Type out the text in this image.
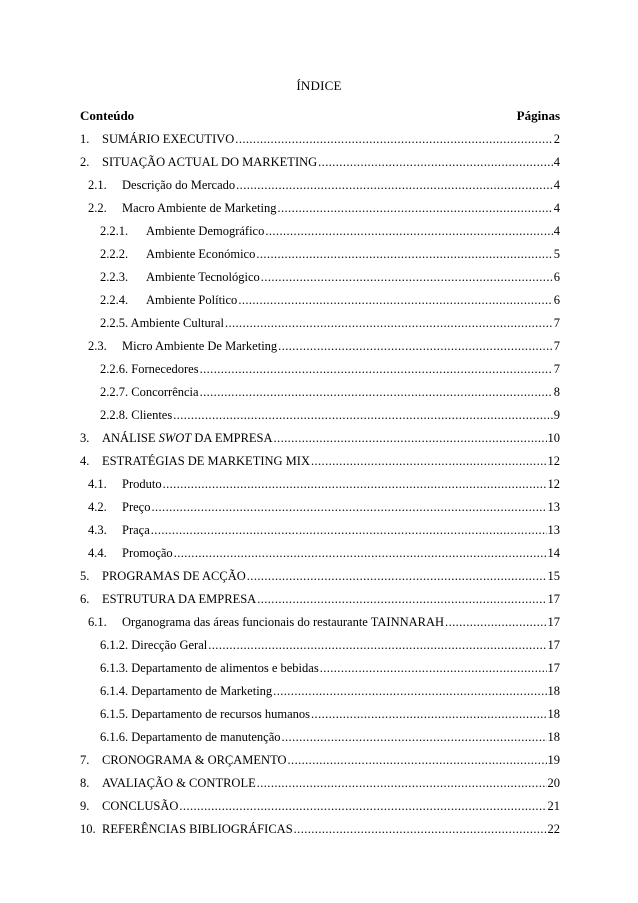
ÍNDICE
Conteúdo	Páginas
1.	SUMÁRIO EXECUTIVO .....	2
2.	SITUAÇÃO ACTUAL DO MARKETING .....	4
2.1.	Descrição do Mercado .....	4
2.2.	Macro Ambiente de Marketing .....	4
2.2.1.	Ambiente Demográfico .....	4
2.2.2.	Ambiente Económico .....	5
2.2.3.	Ambiente Tecnológico .....	6
2.2.4.	Ambiente Político .....	6
2.2.5. Ambiente Cultural .....	7
2.3.	Micro Ambiente De Marketing .....	7
2.2.6. Fornecedores .....	7
2.2.7. Concorrência .....	8
2.2.8. Clientes .....	9
3.	ANÁLISE SWOT DA EMPRESA .....	10
4.	ESTRATÉGIAS DE MARKETING MIX .....	12
4.1.	Produto .....	12
4.2.	Preço .....	13
4.3.	Praça .....	13
4.4.	Promoção .....	14
5.	PROGRAMAS DE ACÇÃO .....	15
6.	ESTRUTURA DA EMPRESA .....	17
6.1.	Organograma das áreas funcionais do restaurante TAINNARAH .....	17
6.1.2. Direcção Geral .....	17
6.1.3. Departamento de alimentos e bebidas .....	17
6.1.4. Departamento de Marketing .....	18
6.1.5. Departamento de recursos humanos .....	18
6.1.6. Departamento de manutenção .....	18
7.	CRONOGRAMA & ORÇAMENTO .....	19
8.	AVALIAÇÃO & CONTROLE .....	20
9.	CONCLUSÃO .....	21
10. REFERÊNCIAS BIBLIOGRÁFICAS .....	22
